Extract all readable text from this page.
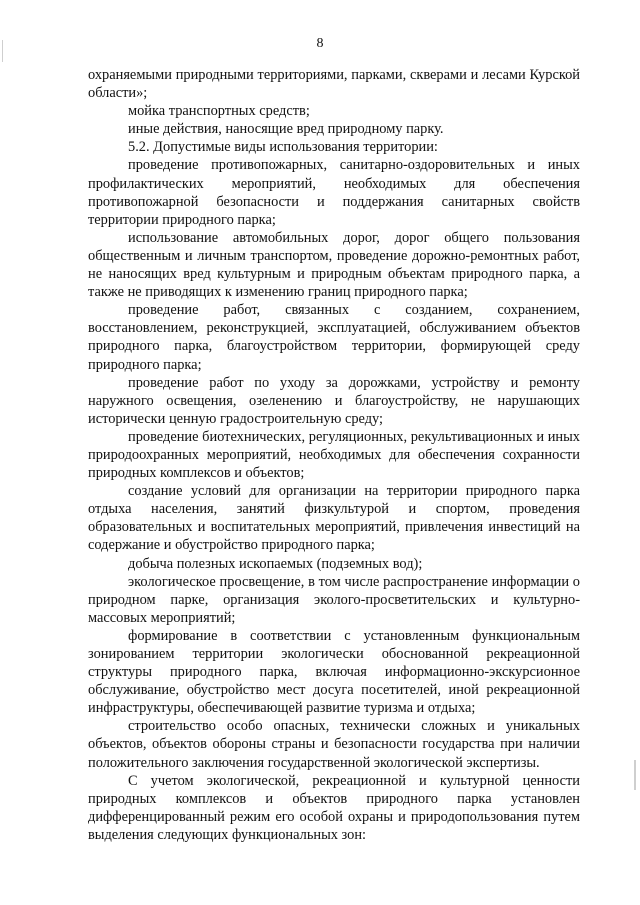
8

охраняемыми природными территориями, парками, скверами и лесами Курской области»;

мойка транспортных средств;

иные действия, наносящие вред природному парку.

5.2. Допустимые виды использования территории:

проведение противопожарных, санитарно-оздоровительных и иных профилактических мероприятий, необходимых для обеспечения противопожарной безопасности и поддержания санитарных свойств территории природного парка;

использование автомобильных дорог, дорог общего пользования общественным и личным транспортом, проведение дорожно-ремонтных работ, не наносящих вред культурным и природным объектам природного парка, а также не приводящих к изменению границ природного парка;

проведение работ, связанных с созданием, сохранением, восстановлением, реконструкцией, эксплуатацией, обслуживанием объектов природного парка, благоустройством территории, формирующей среду природного парка;

проведение работ по уходу за дорожками, устройству и ремонту наружного освещения, озеленению и благоустройству, не нарушающих исторически ценную градостроительную среду;

проведение биотехнических, регуляционных, рекультивационных и иных природоохранных мероприятий, необходимых для обеспечения сохранности природных комплексов и объектов;

создание условий для организации на территории природного парка отдыха населения, занятий физкультурой и спортом, проведения образовательных и воспитательных мероприятий, привлечения инвестиций на содержание и обустройство природного парка;

добыча полезных ископаемых (подземных вод);

экологическое просвещение, в том числе распространение информации о природном парке, организация эколого-просветительских и культурно-массовых мероприятий;

формирование в соответствии с установленным функциональным зонированием территории экологически обоснованной рекреационной структуры природного парка, включая информационно-экскурсионное обслуживание, обустройство мест досуга посетителей, иной рекреационной инфраструктуры, обеспечивающей развитие туризма и отдыха;

строительство особо опасных, технически сложных и уникальных объектов, объектов обороны страны и безопасности государства при наличии положительного заключения государственной экологической экспертизы.

С учетом экологической, рекреационной и культурной ценности природных комплексов и объектов природного парка установлен дифференцированный режим его особой охраны и природопользования путем выделения следующих функциональных зон:
